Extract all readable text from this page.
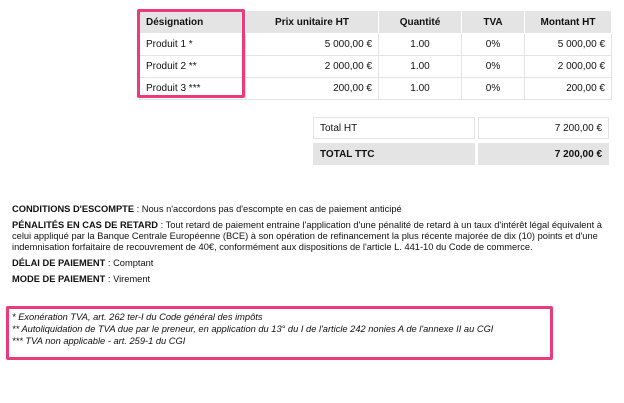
Désignation	Prix unitaire HT	Quantité	TVA	Montant HT
Produit 1 *	5 000,00 €	1.00	0%	5 000,00 €
Produit 2 **	2 000,00 €	1.00	0%	2 000,00 €
Produit 3 ***	200,00 €	1.00	0%	200,00 €
Total HT	7 200,00 €
TOTAL TTC	7 200,00 €

CONDITIONS D'ESCOMPTE : Nous n'accordons pas d'escompte en cas de paiement anticipé

PÉNALITÉS EN CAS DE RETARD : Tout retard de paiement entraine l'application d'une pénalité de retard à un taux d'intérêt légal équivalent à celui appliqué par la Banque Centrale Européenne (BCE) à son opération de refinancement la plus récente majorée de dix (10) points et d'une indemnisation forfaitaire de recouvrement de 40€, conformément aux dispositions de l'article L. 441-10 du Code de commerce.

DÉLAI DE PAIEMENT : Comptant

MODE DE PAIEMENT : Virement

* Exonération TVA, art. 262 ter-I du Code général des impôts
** Autoliquidation de TVA due par le preneur, en application du 13° du I de l'article 242 nonies A de l'annexe II au CGI
*** TVA non applicable - art. 259-1 du CGI
